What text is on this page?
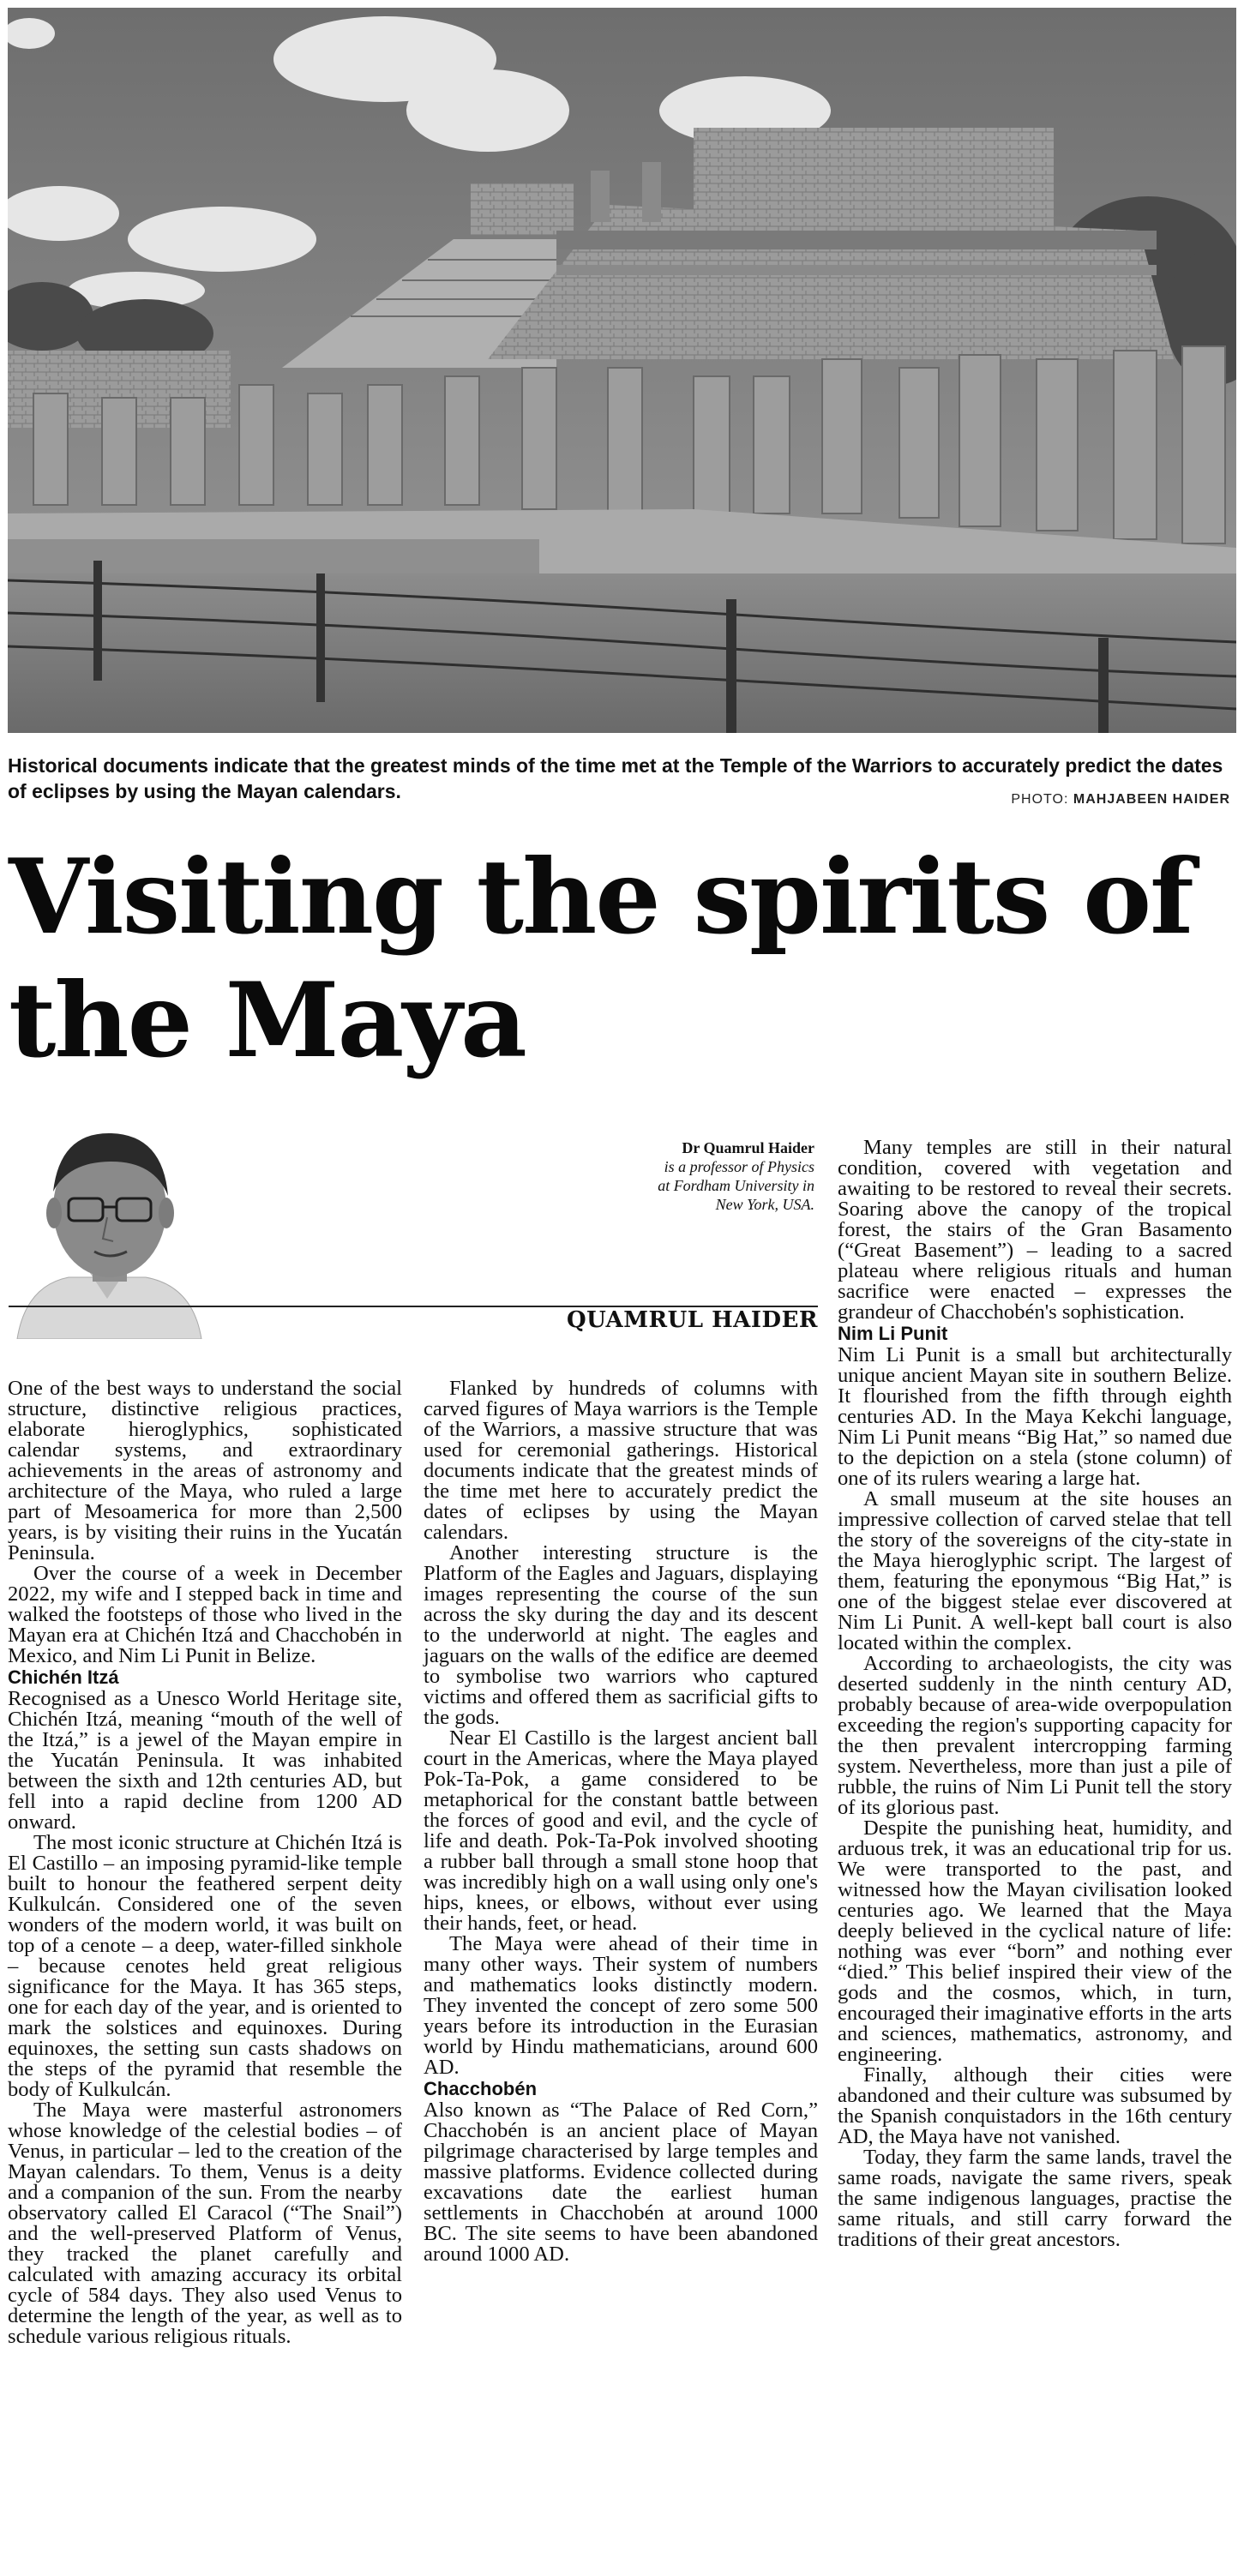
Historical documents indicate that the greatest minds of the time met at the Temple of the Warriors to accurately predict the dates of eclipses by using the Mayan calendars.	PHOTO: MAHJABEEN HAIDER
Visiting the spirits of the Maya
Dr Quamrul Haider
is a professor of Physics
at Fordham University in
New York, USA.
QUAMRUL HAIDER

One of the best ways to understand the social structure, distinctive religious practices, elaborate hieroglyphics, sophisticated calendar systems, and extraordinary achievements in the areas of astronomy and architecture of the Maya, who ruled a large part of Mesoamerica for more than 2,500 years, is by visiting their ruins in the Yucatán Peninsula.

Over the course of a week in December 2022, my wife and I stepped back in time and walked the footsteps of those who lived in the Mayan era at Chichén Itzá and Chacchobén in Mexico, and Nim Li Punit in Belize.

Chichén Itzá

Recognised as a Unesco World Heritage site, Chichén Itzá, meaning “mouth of the well of the Itzá,” is a jewel of the Mayan empire in the Yucatán Peninsula. It was inhabited between the sixth and 12th centuries AD, but fell into a rapid decline from 1200 AD onward.

The most iconic structure at Chichén Itzá is El Castillo – an imposing pyramid-like temple built to honour the feathered serpent deity Kulkulcán. Considered one of the seven wonders of the modern world, it was built on top of a cenote – a deep, water-filled sinkhole – because cenotes held great religious significance for the Maya. It has 365 steps, one for each day of the year, and is oriented to mark the solstices and equinoxes. During equinoxes, the setting sun casts shadows on the steps of the pyramid that resemble the body of Kulkulcán.

The Maya were masterful astronomers whose knowledge of the celestial bodies – of Venus, in particular – led to the creation of the Mayan calendars. To them, Venus is a deity and a companion of the sun. From the nearby observatory called El Caracol (“The Snail”) and the well-preserved Platform of Venus, they tracked the planet carefully and calculated with amazing accuracy its orbital cycle of 584 days. They also used Venus to determine the length of the year, as well as to schedule various religious rituals.

Flanked by hundreds of columns with carved figures of Maya warriors is the Temple of the Warriors, a massive structure that was used for ceremonial gatherings. Historical documents indicate that the greatest minds of the time met here to accurately predict the dates of eclipses by using the Mayan calendars.

Another interesting structure is the Platform of the Eagles and Jaguars, displaying images representing the course of the sun across the sky during the day and its descent to the underworld at night. The eagles and jaguars on the walls of the edifice are deemed to symbolise two warriors who captured victims and offered them as sacrificial gifts to the gods.

Near El Castillo is the largest ancient ball court in the Americas, where the Maya played Pok-Ta-Pok, a game considered to be metaphorical for the constant battle between the forces of good and evil, and the cycle of life and death. Pok-Ta-Pok involved shooting a rubber ball through a small stone hoop that was incredibly high on a wall using only one's hips, knees, or elbows, without ever using their hands, feet, or head.

The Maya were ahead of their time in many other ways. Their system of numbers and mathematics looks distinctly modern. They invented the concept of zero some 500 years before its introduction in the Eurasian world by Hindu mathematicians, around 600 AD.

Chacchobén

Also known as “The Palace of Red Corn,” Chacchobén is an ancient place of Mayan pilgrimage characterised by large temples and massive platforms. Evidence collected during excavations date the earliest human settlements in Chacchobén at around 1000 BC. The site seems to have been abandoned around 1000 AD.

Many temples are still in their natural condition, covered with vegetation and awaiting to be restored to reveal their secrets. Soaring above the canopy of the tropical forest, the stairs of the Gran Basamento (“Great Basement”) – leading to a sacred plateau where religious rituals and human sacrifice were enacted – expresses the grandeur of Chacchobén's sophistication.

Nim Li Punit

Nim Li Punit is a small but architecturally unique ancient Mayan site in southern Belize. It flourished from the fifth through eighth centuries AD. In the Maya Kekchi language, Nim Li Punit means “Big Hat,” so named due to the depiction on a stela (stone column) of one of its rulers wearing a large hat.

A small museum at the site houses an impressive collection of carved stelae that tell the story of the sovereigns of the city-state in the Maya hieroglyphic script. The largest of them, featuring the eponymous “Big Hat,” is one of the biggest stelae ever discovered at Nim Li Punit. A well-kept ball court is also located within the complex.

According to archaeologists, the city was deserted suddenly in the ninth century AD, probably because of area-wide overpopulation exceeding the region's supporting capacity for the then prevalent intercropping farming system. Nevertheless, more than just a pile of rubble, the ruins of Nim Li Punit tell the story of its glorious past.

Despite the punishing heat, humidity, and arduous trek, it was an educational trip for us. We were transported to the past, and witnessed how the Mayan civilisation looked centuries ago. We learned that the Maya deeply believed in the cyclical nature of life: nothing was ever “born” and nothing ever “died.” This belief inspired their view of the gods and the cosmos, which, in turn, encouraged their imaginative efforts in the arts and sciences, mathematics, astronomy, and engineering.

Finally, although their cities were abandoned and their culture was subsumed by the Spanish conquistadors in the 16th century AD, the Maya have not vanished.

Today, they farm the same lands, travel the same roads, navigate the same rivers, speak the same indigenous languages, practise the same rituals, and still carry forward the traditions of their great ancestors.
